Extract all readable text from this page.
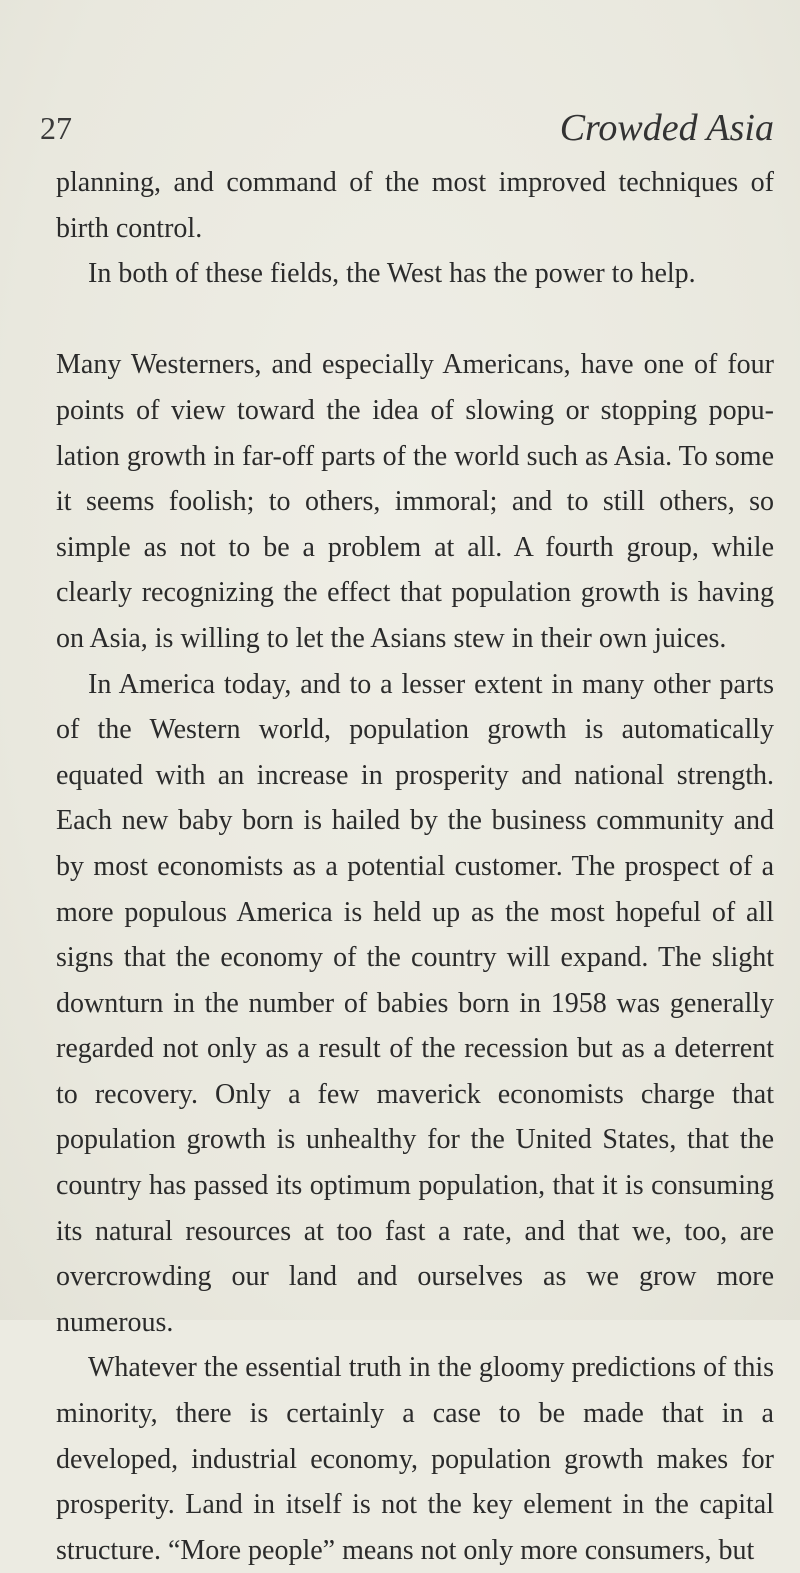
27	Crowded Asia

planning, and command of the most improved techniques of birth control.

In both of these fields, the West has the power to help.

Many Westerners, and especially Americans, have one of four points of view toward the idea of slowing or stopping popu-lation growth in far-off parts of the world such as Asia. To some it seems foolish; to others, immoral; and to still others, so simple as not to be a problem at all. A fourth group, while clearly recognizing the effect that population growth is having on Asia, is willing to let the Asians stew in their own juices.

In America today, and to a lesser extent in many other parts of the Western world, population growth is automatically equated with an increase in prosperity and national strength. Each new baby born is hailed by the business community and by most economists as a potential customer. The prospect of a more populous America is held up as the most hopeful of all signs that the economy of the country will expand. The slight downturn in the number of babies born in 1958 was generally regarded not only as a result of the recession but as a deterrent to recovery. Only a few maverick economists charge that population growth is unhealthy for the United States, that the country has passed its optimum population, that it is consuming its natural resources at too fast a rate, and that we, too, are overcrowding our land and ourselves as we grow more numerous.

Whatever the essential truth in the gloomy predictions of this minority, there is certainly a case to be made that in a developed, industrial economy, population growth makes for prosperity. Land in itself is not the key element in the capital structure. “More people” means not only more consumers, but
